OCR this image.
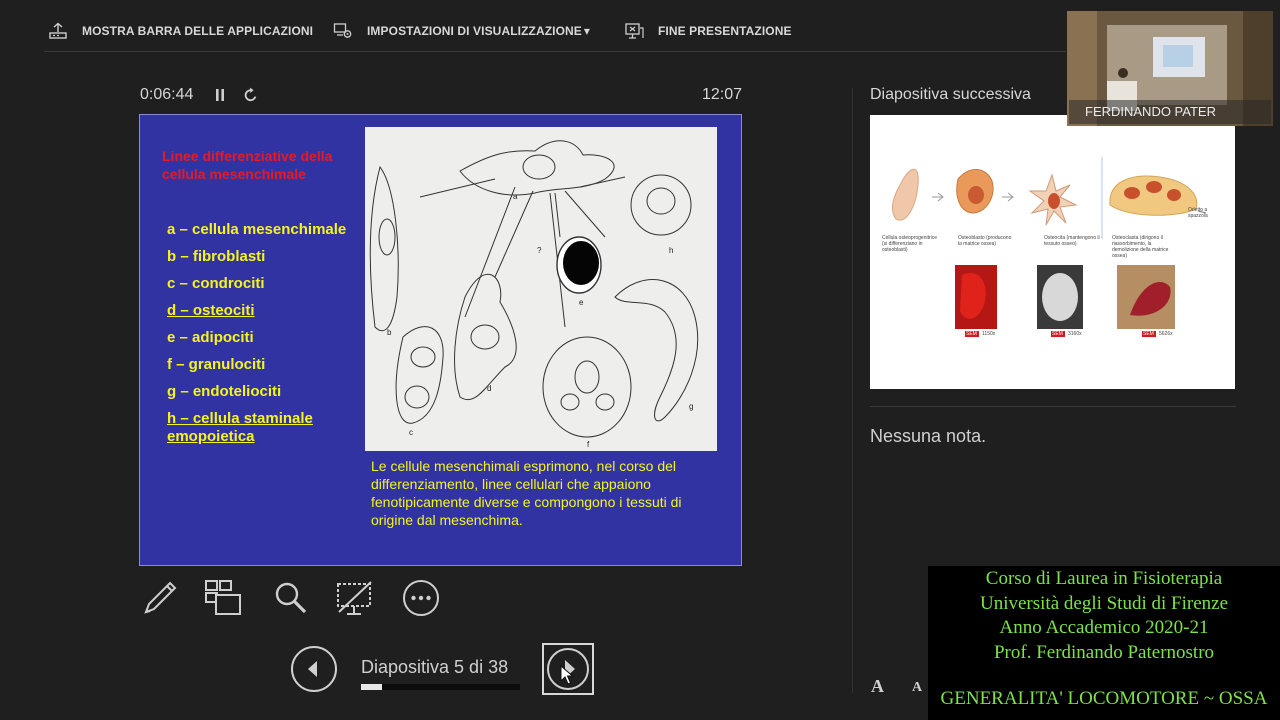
MOSTRA BARRA DELLE APPLICAZIONI	IMPOSTAZIONI DI VISUALIZZAZIONE ▾	FINE PRESENTAZIONE
0:06:44	12:07
Linee differenziative della cellula mesenchimale
a – cellula mesenchimale
b – fibroblasti
c – condrociti
d – osteociti
e – adipociti
f – granulociti
g – endoteliociti
h – cellula staminale emopoietica
a
b
c
d
e
f
g
h
?
Le cellule mesenchimali esprimono, nel corso del differenziamento, linee cellulari che appaiono fenotipicamente diverse e compongono i tessuti di origine dal mesenchima.
Diapositiva 5 di 38
Diapositiva successiva
Cellula osteoprogenitrice (si differenziano in osteoblasti)
Osteoblasto (producono la matrice ossea)
Osteocita (mantengono il tessuto osseo)
Osteoclasta (dirigono il riassorbimento, la demolizione della matrice ossea)
Orletto a spazzola
SEM 1150x	SEM 3160x	SEM 5626x
Nessuna nota.
A A
FERDINANDO PATER
Corso di Laurea in Fisioterapia
Università degli Studi di Firenze
Anno Accademico 2020-21
Prof. Ferdinando Paternostro
GENERALITA' LOCOMOTORE ~ OSSA
